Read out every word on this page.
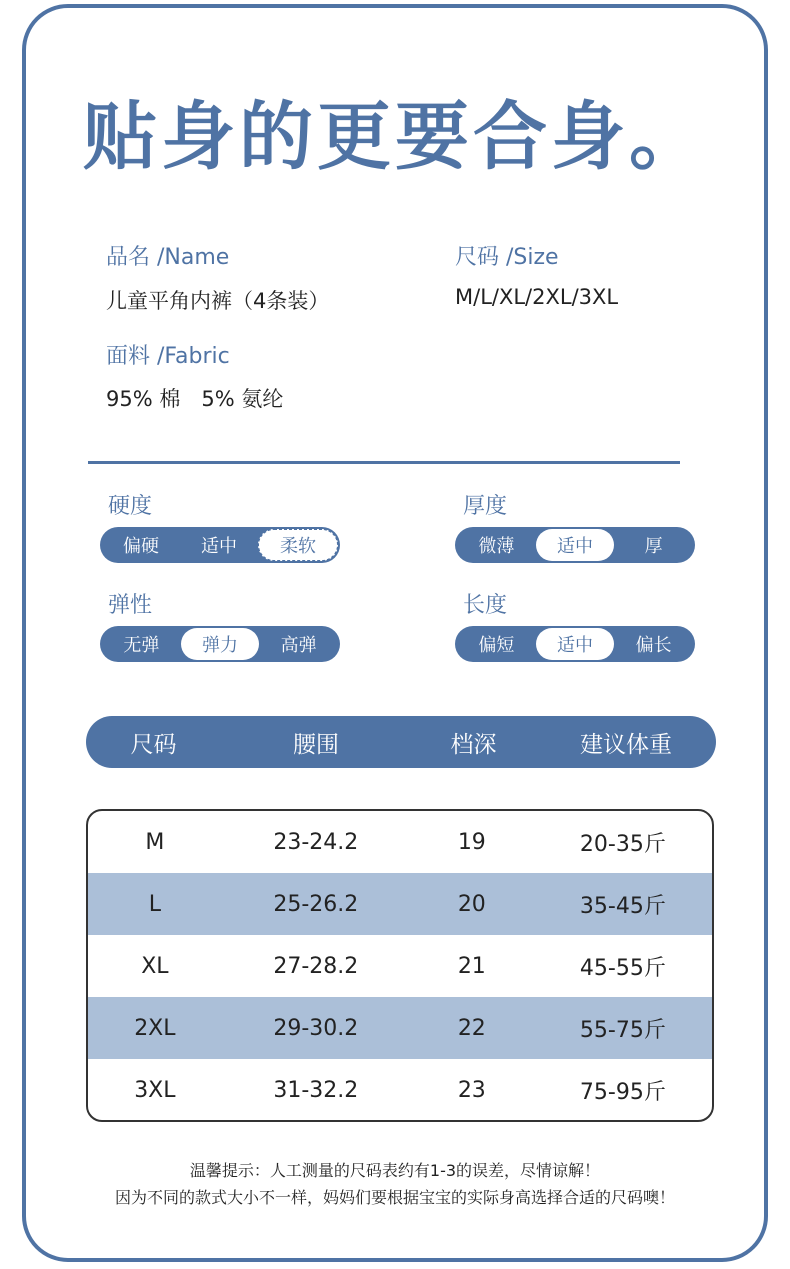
贴身的更要合身。
品名 /Name
儿童平角内裤（4条装）
尺码 /Size
M/L/XL/2XL/3XL
面料 /Fabric
95% 棉　5% 氨纶
硬度
偏硬	适中	柔软
厚度
微薄	适中	厚
弹性
无弹	弹力	高弹
长度
偏短	适中	偏长
尺码	腰围	档深	建议体重
M	23-24.2	19	20-35斤
L	25-26.2	20	35-45斤
XL	27-28.2	21	45-55斤
2XL	29-30.2	22	55-75斤
3XL	31-32.2	23	75-95斤
温馨提示：人工测量的尺码表约有1-3的误差，尽情谅解！
因为不同的款式大小不一样，妈妈们要根据宝宝的实际身高选择合适的尺码噢！
